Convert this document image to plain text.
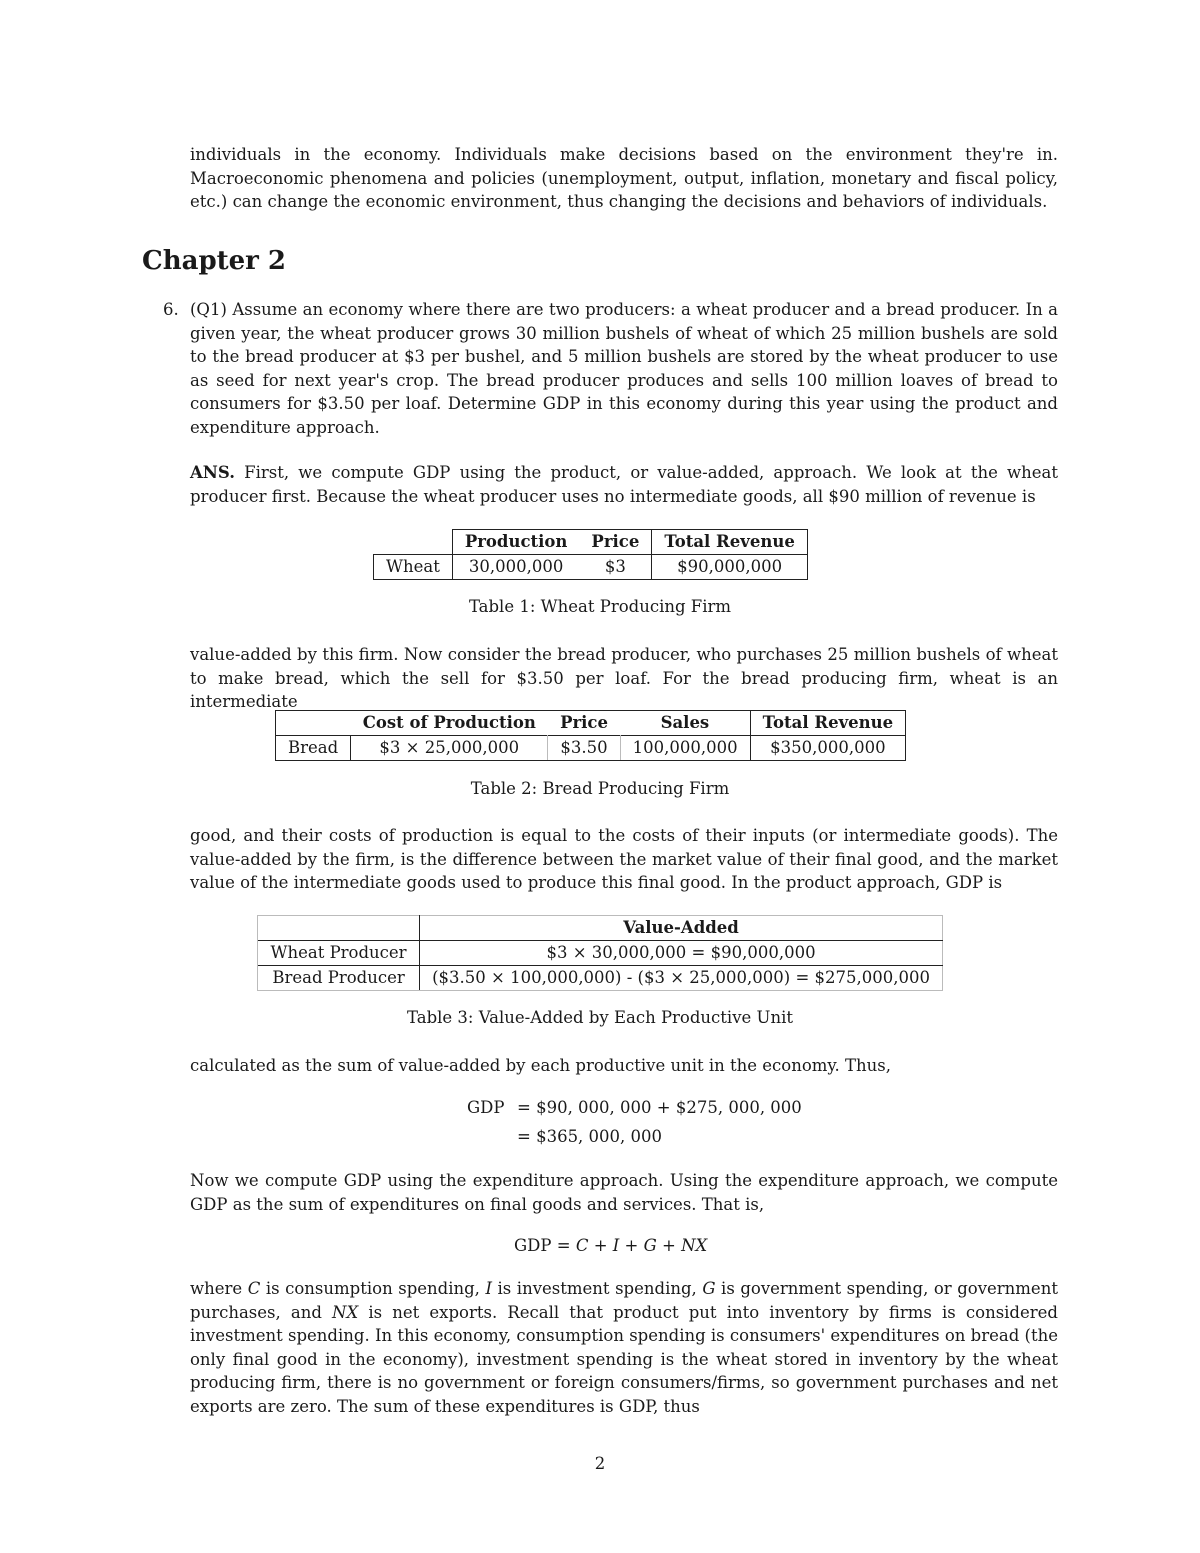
individuals in the economy. Individuals make decisions based on the environment they're in. Macroeconomic phenomena and policies (unemployment, output, inflation, monetary and fiscal policy, etc.) can change the economic environment, thus changing the decisions and behaviors of individuals.

Chapter 2
6. (Q1) Assume an economy where there are two producers: a wheat producer and a bread producer. In a given year, the wheat producer grows 30 million bushels of wheat of which 25 million bushels are sold to the bread producer at $3 per bushel, and 5 million bushels are stored by the wheat producer to use as seed for next year's crop. The bread producer produces and sells 100 million loaves of bread to consumers for $3.50 per loaf. Determine GDP in this economy during this year using the product and expenditure approach.

ANS. First, we compute GDP using the product, or value-added, approach. We look at the wheat producer first. Because the wheat producer uses no intermediate goods, all $90 million of revenue is

	Production	Price	Total Revenue
Wheat	30,000,000	$3	$90,000,000

Table 1: Wheat Producing Firm

value-added by this firm. Now consider the bread producer, who purchases 25 million bushels of wheat to make bread, which the sell for $3.50 per loaf. For the bread producing firm, wheat is an intermediate

	Cost of Production	Price	Sales	Total Revenue
Bread	$3 × 25,000,000	$3.50	100,000,000	$350,000,000

Table 2: Bread Producing Firm

good, and their costs of production is equal to the costs of their inputs (or intermediate goods). The value-added by the firm, is the difference between the market value of their final good, and the market value of the intermediate goods used to produce this final good. In the product approach, GDP is

	Value-Added
Wheat Producer	$3 × 30,000,000 = $90,000,000
Bread Producer	($3.50 × 100,000,000) - ($3 × 25,000,000) = $275,000,000

Table 3: Value-Added by Each Productive Unit

calculated as the sum of value-added by each productive unit in the economy. Thus,

GDP = $90, 000, 000 + $275, 000, 000
= $365, 000, 000

Now we compute GDP using the expenditure approach. Using the expenditure approach, we compute GDP as the sum of expenditures on final goods and services. That is,

GDP = C + I + G + NX

where C is consumption spending, I is investment spending, G is government spending, or government purchases, and NX is net exports. Recall that product put into inventory by firms is considered investment spending. In this economy, consumption spending is consumers' expenditures on bread (the only final good in the economy), investment spending is the wheat stored in inventory by the wheat producing firm, there is no government or foreign consumers/firms, so government purchases and net exports are zero. The sum of these expenditures is GDP, thus

2
